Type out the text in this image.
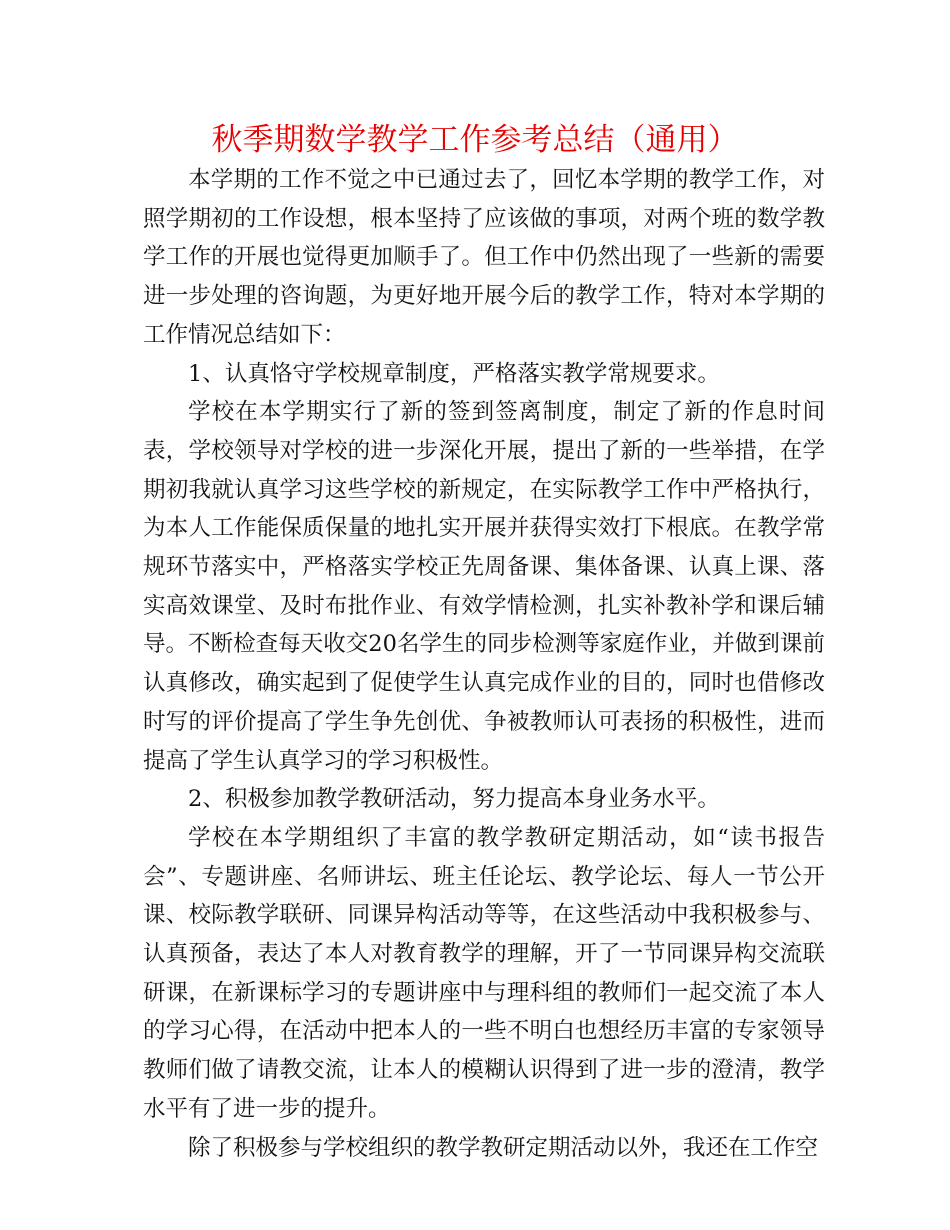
秋季期数学教学工作参考总结（通用）

本学期的工作不觉之中已通过去了，回忆本学期的教学工作，对照学期初的工作设想，根本坚持了应该做的事项，对两个班的数学教学工作的开展也觉得更加顺手了。但工作中仍然出现了一些新的需要进一步处理的咨询题，为更好地开展今后的教学工作，特对本学期的工作情况总结如下：

1、认真恪守学校规章制度，严格落实教学常规要求。

学校在本学期实行了新的签到签离制度，制定了新的作息时间表，学校领导对学校的进一步深化开展，提出了新的一些举措，在学期初我就认真学习这些学校的新规定，在实际教学工作中严格执行，为本人工作能保质保量的地扎实开展并获得实效打下根底。在教学常规环节落实中，严格落实学校正先周备课、集体备课、认真上课、落实高效课堂、及时布批作业、有效学情检测，扎实补教补学和课后辅导。不断检查每天收交20名学生的同步检测等家庭作业，并做到课前认真修改，确实起到了促使学生认真完成作业的目的，同时也借修改时写的评价提高了学生争先创优、争被教师认可表扬的积极性，进而提高了学生认真学习的学习积极性。

2、积极参加教学教研活动，努力提高本身业务水平。

学校在本学期组织了丰富的教学教研定期活动，如“读书报告会”、专题讲座、名师讲坛、班主任论坛、教学论坛、每人一节公开课、校际教学联研、同课异构活动等等，在这些活动中我积极参与、认真预备，表达了本人对教育教学的理解，开了一节同课异构交流联研课，在新课标学习的专题讲座中与理科组的教师们一起交流了本人的学习心得，在活动中把本人的一些不明白也想经历丰富的专家领导教师们做了请教交流，让本人的模糊认识得到了进一步的澄清，教学水平有了进一步的提升。

除了积极参与学校组织的教学教研定期活动以外，我还在工作空
